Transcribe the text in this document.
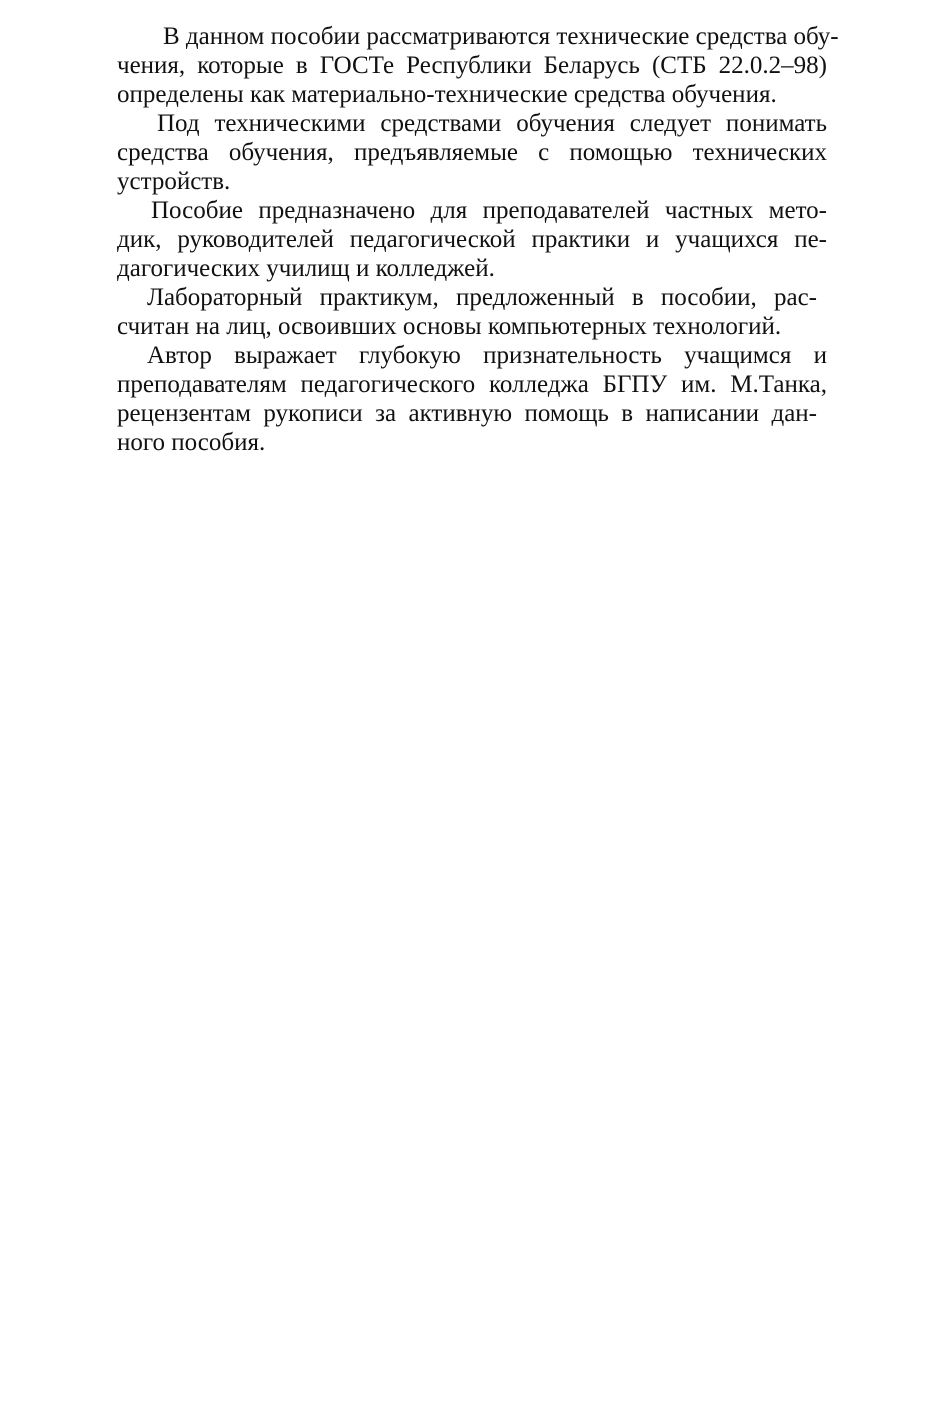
В данном пособии рассматриваются технические средства обу-
чения, которые в ГОСТе Республики Беларусь (СТБ 22.0.2–98)
определены как материально-технические средства обучения.
Под техническими средствами обучения следует понимать
средства обучения, предъявляемые с помощью технических
устройств.
Пособие предназначено для преподавателей частных мето-
дик, руководителей педагогической практики и учащихся пе-
дагогических училищ и колледжей.
Лабораторный практикум, предложенный в пособии, рас-
считан на лиц, освоивших основы компьютерных технологий.
Автор выражает глубокую признательность учащимся и
преподавателям педагогического колледжа БГПУ им. М.Танка,
рецензентам рукописи за активную помощь в написании дан-
ного пособия.
